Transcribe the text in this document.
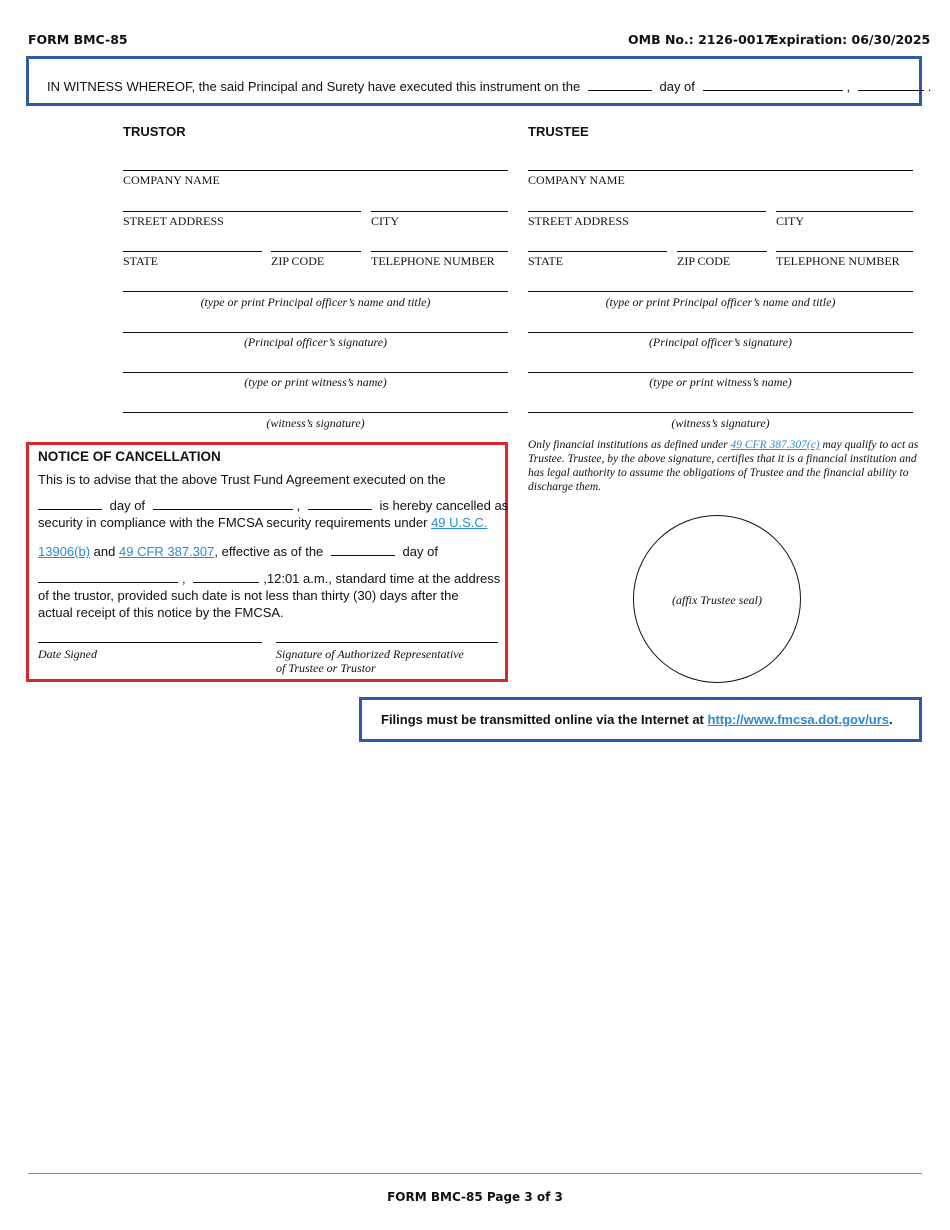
FORM BMC-85	OMB No.: 2126-0017
Expiration: 06/30/2025
IN WITNESS WHEREOF, the said Principal and Surety have executed this instrument on the	day of	,	.
TRUSTOR
COMPANY NAME
STREET ADDRESS	CITY
STATE	ZIP CODE	TELEPHONE NUMBER
(type or print Principal officer’s name and title)
(Principal officer’s signature)
(type or print witness’s name)
(witness’s signature)
TRUSTEE
COMPANY NAME
STREET ADDRESS	CITY
STATE	ZIP CODE	TELEPHONE NUMBER
(type or print Principal officer’s name and title)
(Principal officer’s signature)
(type or print witness’s name)
(witness’s signature)
NOTICE OF CANCELLATION
This is to advise that the above Trust Fund Agreement executed on the
day of	,	is hereby cancelled as
security in compliance with the FMCSA security requirements under 49 U.S.C.
13906(b) and 49 CFR 387.307, effective as of the	day of
,	,12:01 a.m., standard time at the address
of the trustor, provided such date is not less than thirty (30) days after the
actual receipt of this notice by the FMCSA.
Date Signed	Signature of Authorized Representative
of Trustee or Trustor
Only financial institutions as defined under 49 CFR 387.307(c) may qualify to act as Trustee. Trustee, by the above signature, certifies that it is a financial institution and has legal authority to assume the obligations of Trustee and the financial ability to discharge them.
(affix Trustee seal)
Filings must be transmitted online via the Internet at http://www.fmcsa.dot.gov/urs.
FORM BMC-85 Page 3 of 3
